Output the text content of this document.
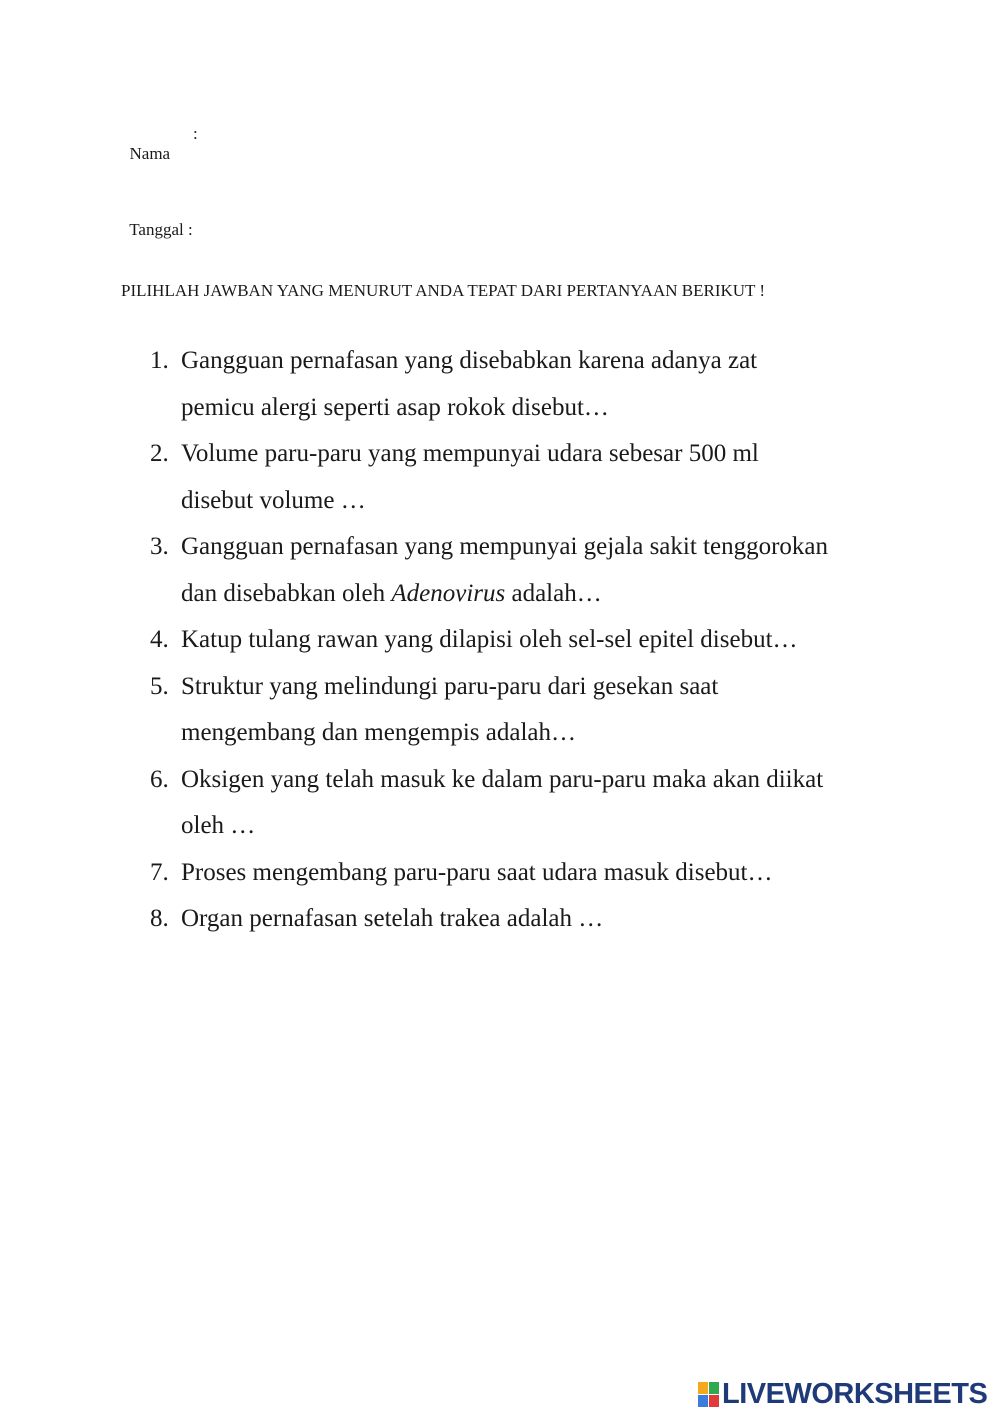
Nama

:

Tanggal :

PILIHLAH JAWBAN YANG MENURUT ANDA TEPAT DARI PERTANYAAN BERIKUT !
1. Gangguan pernafasan yang disebabkan karena adanya zat
pemicu alergi seperti asap rokok disebut…
2. Volume paru-paru yang mempunyai udara sebesar 500 ml
disebut volume …
3. Gangguan pernafasan yang mempunyai gejala sakit tenggorokan
dan disebabkan oleh Adenovirus adalah…
4. Katup tulang rawan yang dilapisi oleh sel-sel epitel disebut…
5. Struktur yang melindungi paru-paru dari gesekan saat
mengembang dan mengempis adalah…
6. Oksigen yang telah masuk ke dalam paru-paru maka akan diikat
oleh …
7. Proses mengembang paru-paru saat udara masuk disebut…
8. Organ pernafasan setelah trakea adalah …
LIVEWORKSHEETS
